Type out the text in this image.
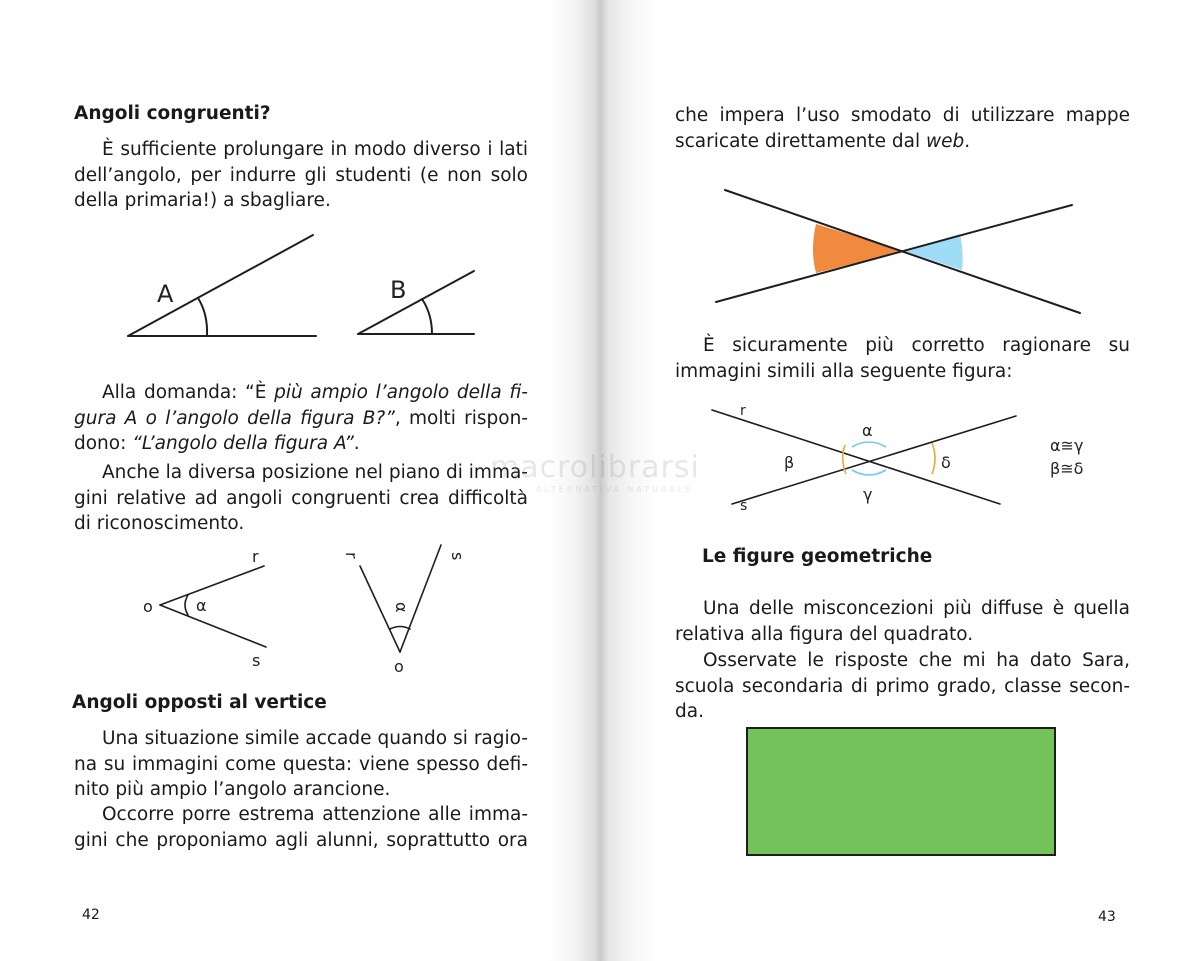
Angoli congruenti?
È sufficiente prolungare in modo diverso i lati
dell’angolo, per indurre gli studenti (e non solo
della primaria!) a sbagliare.
A	B
Alla domanda: “È più ampio l’angolo della fi-
gura A o l’angolo della figura B?”, molti rispon-
dono: “L’angolo della figura A”.
Anche la diversa posizione nel piano di imma-
gini relative ad angoli congruenti crea difficoltà
di riconoscimento.
o	α
r
s	o
α
r	s
Angoli opposti al vertice
Una situazione simile accade quando si ragio-
na su immagini come questa: viene spesso defi-
nito più ampio l’angolo arancione.
Occorre porre estrema attenzione alle imma-
gini che proponiamo agli alunni, soprattutto ora
42
che impera l’uso smodato di utilizzare mappe
scaricate direttamente dal web.
È sicuramente più corretto ragionare su
immagini simili alla seguente figura:
r
s
α
β
γ
δ
α≅γ
β≅δ
Le figure geometriche
Una delle misconcezioni più diffuse è quella
relativa alla figura del quadrato.
Osservate le risposte che mi ha dato Sara,
scuola secondaria di primo grado, classe secon-
da.
43
macrolibrarsi
ALTERNATIVA NATURALE
